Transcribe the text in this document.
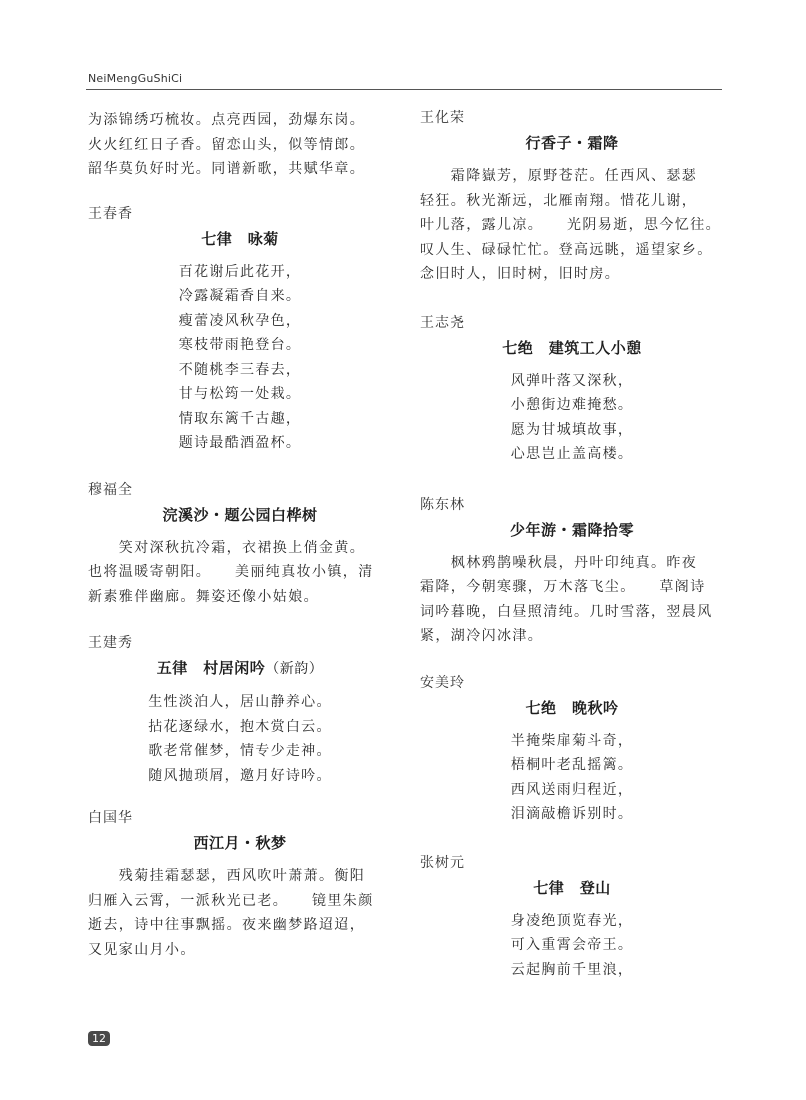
NeiMengGuShiCi

为添锦绣巧梳妆。点亮西园，劲爆东岗。

火火红红日子香。留恋山头，似等情郎。

韶华莫负好时光。同谱新歌，共赋华章。

王春香
七律　咏菊
百花谢后此花开，
冷露凝霜香自来。
瘦蕾凌风秋孕色，
寒枝带雨艳登台。
不随桃李三春去，
甘与松筠一处栽。
情取东篱千古趣，
题诗最酷酒盈杯。
穆福全
浣溪沙・题公园白桦树

笑对深秋抗冷霜，衣裙换上俏金黄。

也将温暖寄朝阳。　　美丽纯真妆小镇，清

新素雅伴幽廊。舞姿还像小姑娘。

王建秀
五律　村居闲吟（新韵）
生性淡泊人，居山静养心。
拈花逐绿水，抱木赏白云。
歌老常催梦，情专少走神。
随风抛琐屑，邀月好诗吟。
白国华
西江月・秋梦

残菊挂霜瑟瑟，西风吹叶萧萧。衡阳

归雁入云霄，一派秋光已老。　　镜里朱颜

逝去，诗中往事飘摇。夜来幽梦路迢迢，

又见家山月小。

王化荣
行香子・霜降

霜降嶽芳，原野苍茫。任西风、瑟瑟

轻狂。秋光渐远，北雁南翔。惜花儿谢，

叶儿落，露儿凉。　　光阴易逝，思今忆往。

叹人生、碌碌忙忙。登高远眺，遥望家乡。

念旧时人，旧时树，旧时房。

王志尧
七绝　建筑工人小憩
风弹叶落又深秋，
小憩街边难掩愁。
愿为甘城填故事，
心思岂止盖高楼。
陈东林
少年游・霜降拾零

枫林鸦鹊噪秋晨，丹叶印纯真。昨夜

霜降，今朝寒骤，万木落飞尘。　　草阁诗

词吟暮晚，白昼照清纯。几时雪落，翌晨风

紧，湖冷闪冰津。

安美玲
七绝　晚秋吟
半掩柴扉菊斗奇，
梧桐叶老乱摇篱。
西风送雨归程近，
泪滴敲檐诉别时。
张树元
七律　登山
身凌绝顶览春光，
可入重霄会帝王。
云起胸前千里浪，
12
